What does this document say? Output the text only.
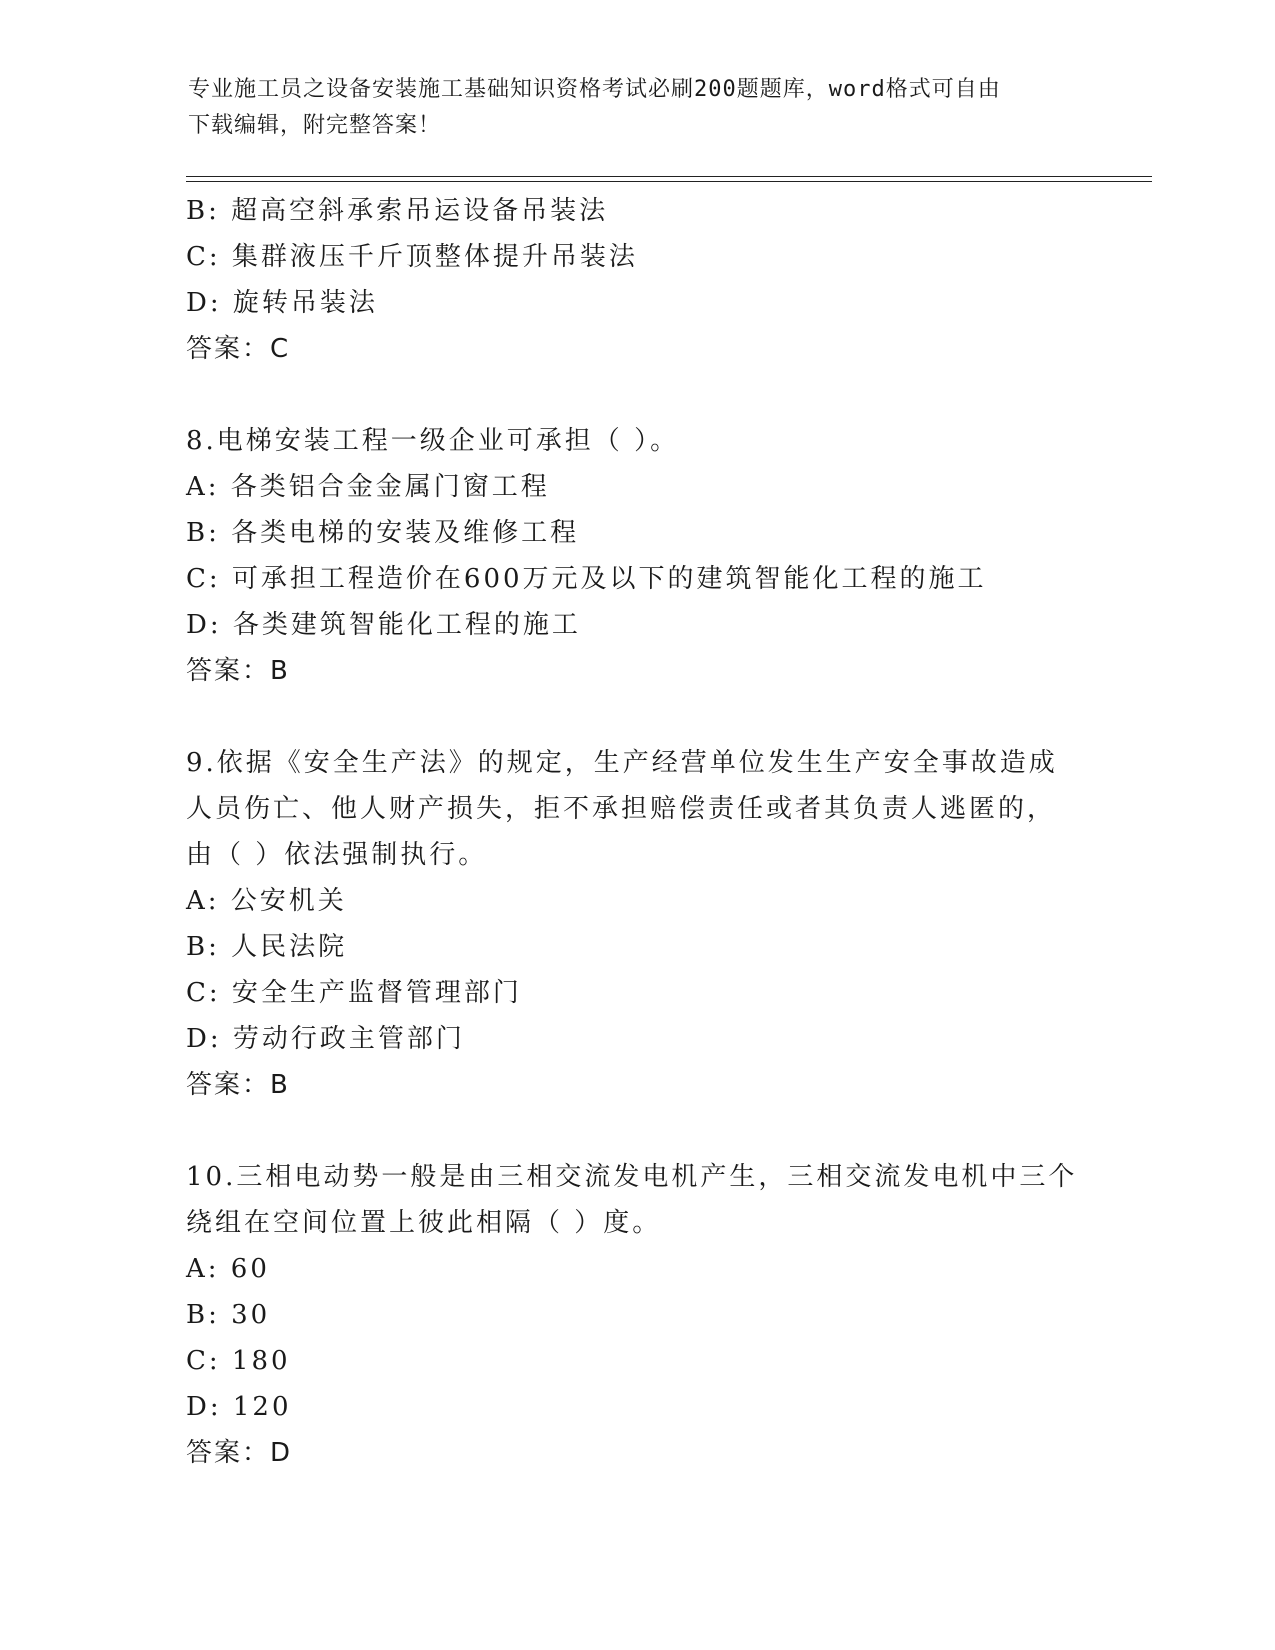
专业施工员之设备安装施工基础知识资格考试必刷200题题库，word格式可自由
下载编辑，附完整答案！
B: 超高空斜承索吊运设备吊装法
C: 集群液压千斤顶整体提升吊装法
D: 旋转吊装法
答案：C
8.电梯安装工程一级企业可承担（ ）。
A: 各类铝合金金属门窗工程
B: 各类电梯的安装及维修工程
C: 可承担工程造价在600万元及以下的建筑智能化工程的施工
D: 各类建筑智能化工程的施工
答案：B
9.依据《安全生产法》的规定，生产经营单位发生生产安全事故造成
人员伤亡、他人财产损失，拒不承担赔偿责任或者其负责人逃匿的，
由（ ）依法强制执行。
A: 公安机关
B: 人民法院
C: 安全生产监督管理部门
D: 劳动行政主管部门
答案：B
10.三相电动势一般是由三相交流发电机产生，三相交流发电机中三个
绕组在空间位置上彼此相隔（ ）度。
A: 60
B: 30
C: 180
D: 120
答案：D
